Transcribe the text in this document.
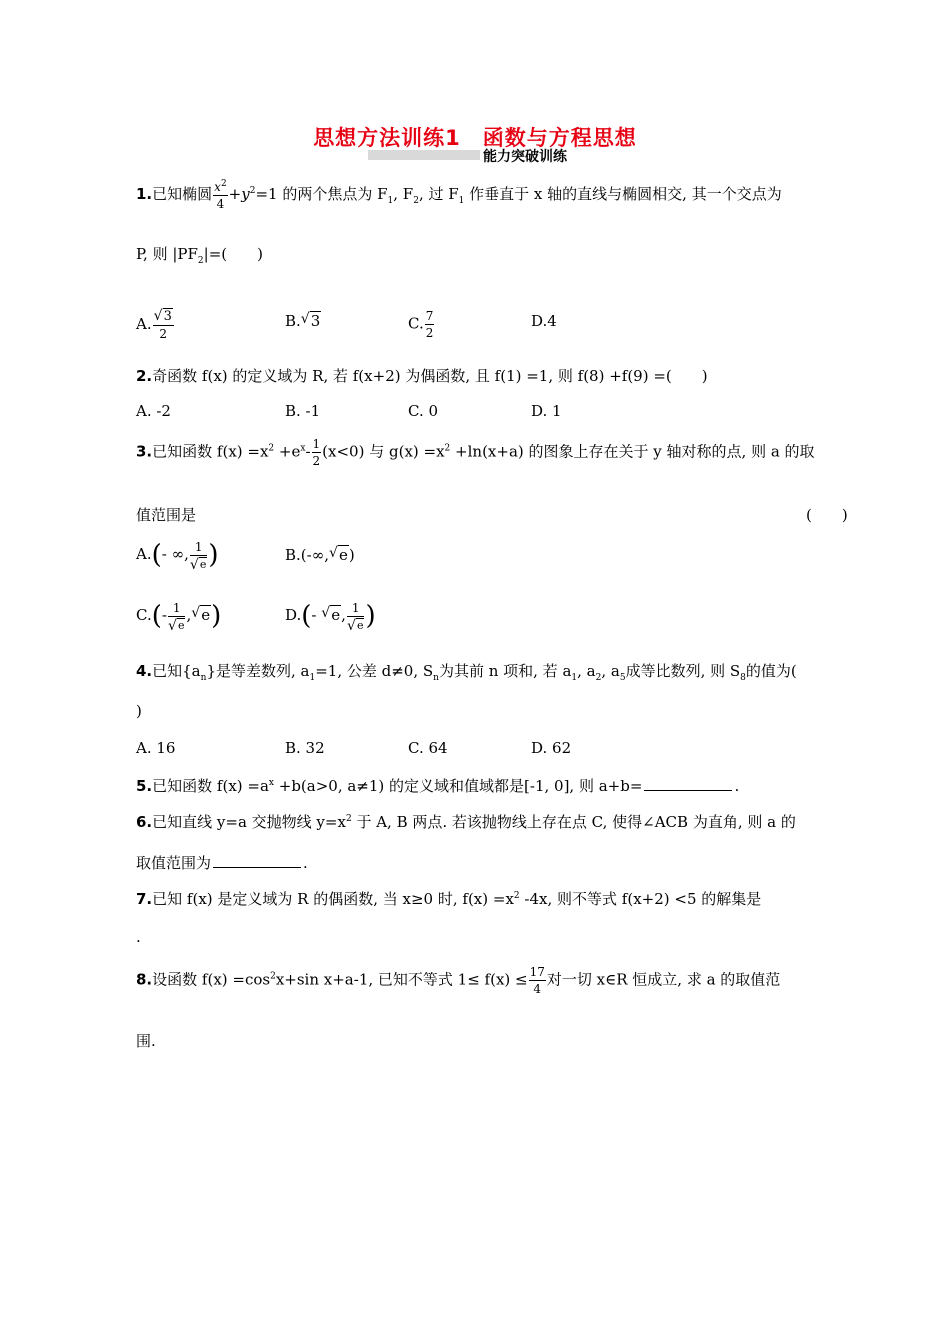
思想方法训练1　函数与方程思想
能力突破训练
1.已知椭圆 $\frac{x^2}{4} +y^2=1$ 的两个焦点为 $F_1$, $F_2$, 过 $F_1$ 作垂直于 x 轴的直线与椭圆相交, 其一个交点为
P, 则 $|PF_2|=$(　　)
A. √ $\frac{3}{2}$	B. √ 3	C. $\frac{7}{2}$	D.4
2.奇函数 f(x) 的定义域为 R, 若 f(x+2) 为偶函数, 且 f(1) =1, 则 f(8) +f(9) =(　　)
A. -2	B. -1	C. 0	D. 1
3.已知函数 $f(x) =x^2 +e^x- \frac{1}{2} (x<0)$ 与 $g(x) =x^2 +\ln(x+a)$ 的图象上存在关于 y 轴对称的点, 则 a 的取
值范围是	(　　)
A.(- ∞, 1
√ e )	B.(-∞, √ e)
C.(- 1
√ e , √ e)	D.(- √ e, 1
√ e )
4.已知$\{a_n\}$是等差数列, $a_1=1$, 公差 d≠0, $S_n$为其前 n 项和, 若 $a_1$, $a_2$, $a_5$成等比数列, 则 $S_8$的值为(
)
A. 16	B. 32	C. 64	D. 62
5.已知函数 $f(x) =a^x +b(a>0$, a≠1) 的定义域和值域都是[-1, 0], 则 a+b=	.
6.已知直线 y=a 交抛物线 $y=x^2$ 于 A, B 两点. 若该抛物线上存在点 C, 使得∠ACB 为直角, 则 a 的
取值范围为	.
7.已知 f(x) 是定义域为 R 的偶函数, 当 x≥0 时, $f(x) =x^2$ -4x, 则不等式 f(x+2) <5 的解集是
.
8.设函数 $f(x) =\cos^2x+\sin$ x+a-1, 已知不等式 $1\le f(x) \le \frac{17}{4}$ 对一切 x∈R 恒成立, 求 a 的取值范
围.
